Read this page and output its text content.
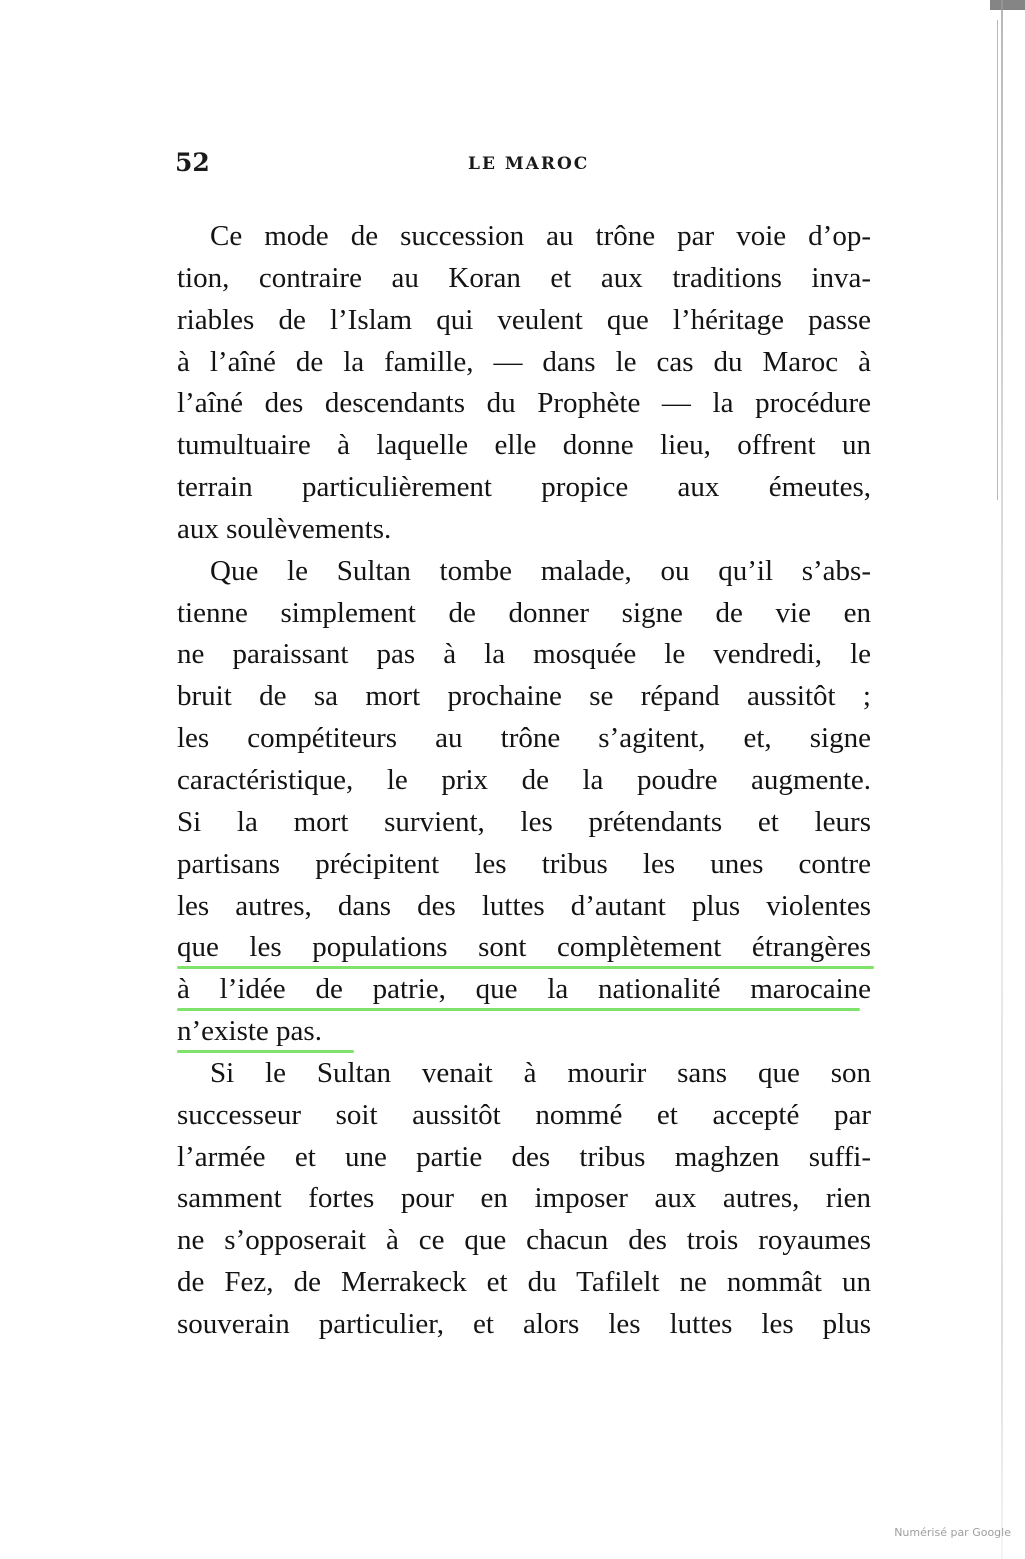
52	LE MAROC
Ce mode de succession au trône par voie d’op-
tion, contraire au Koran et aux traditions inva-
riables de l’Islam qui veulent que l’héritage passe
à l’aîné de la famille, — dans le cas du Maroc à
l’aîné des descendants du Prophète — la procédure
tumultuaire à laquelle elle donne lieu, offrent un
terrain particulièrement propice aux émeutes,
aux soulèvements.
Que le Sultan tombe malade, ou qu’il s’abs-
tienne simplement de donner signe de vie en
ne paraissant pas à la mosquée le vendredi, le
bruit de sa mort prochaine se répand aussitôt ;
les compétiteurs au trône s’agitent, et, signe
caractéristique, le prix de la poudre augmente.
Si la mort survient, les prétendants et leurs
partisans précipitent les tribus les unes contre
les autres, dans des luttes d’autant plus violentes
que les populations sont complètement étrangères
à l’idée de patrie, que la nationalité marocaine
n’existe pas.
Si le Sultan venait à mourir sans que son
successeur soit aussitôt nommé et accepté par
l’armée et une partie des tribus maghzen suffi-
samment fortes pour en imposer aux autres, rien
ne s’opposerait à ce que chacun des trois royaumes
de Fez, de Merrakeck et du Tafilelt ne nommât un
souverain particulier, et alors les luttes les plus
Numérisé par Google
